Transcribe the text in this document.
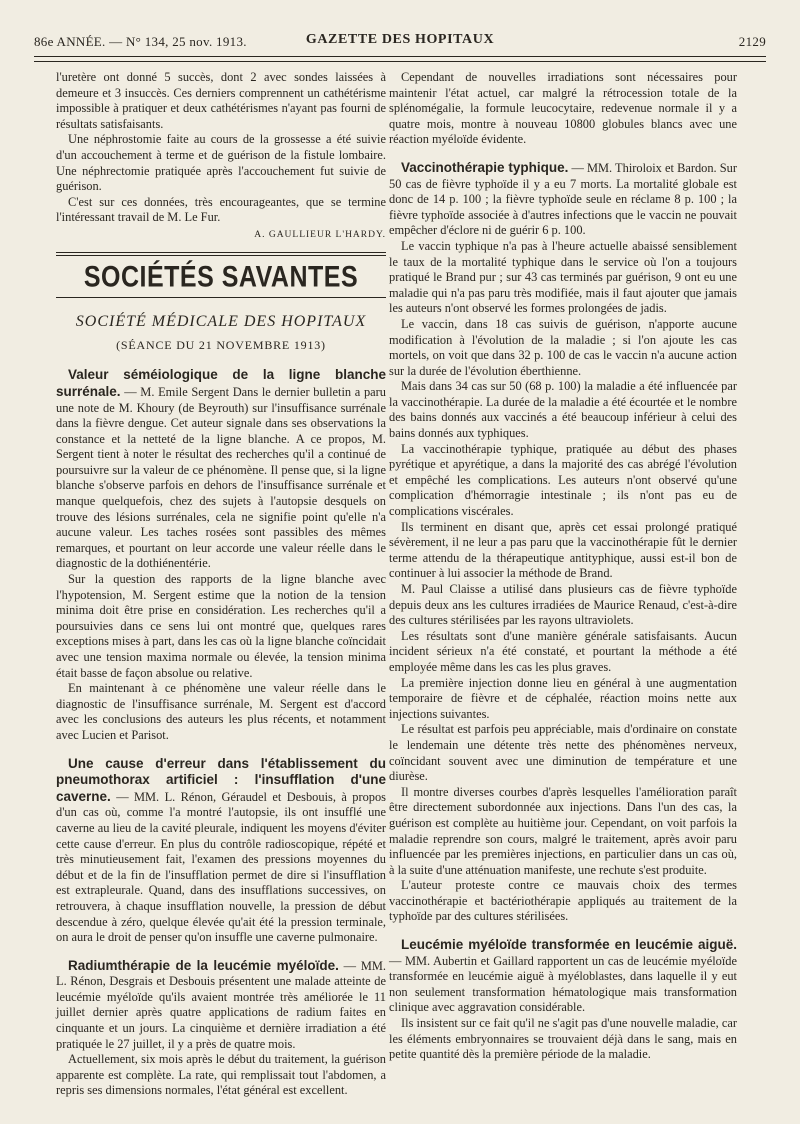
86e ANNÉE. — N° 134, 25 nov. 1913.	GAZETTE DES HOPITAUX	2129

l'uretère ont donné 5 succès, dont 2 avec sondes laissées à demeure et 3 insuccès. Ces derniers comprennent un cathétérisme impossible à pratiquer et deux cathétérismes n'ayant pas fourni de résultats satisfaisants.

Une néphrostomie faite au cours de la grossesse a été suivie d'un accouchement à terme et de guérison de la fistule lombaire. Une néphrectomie pratiquée après l'accouchement fut suivie de guérison.

C'est sur ces données, très encourageantes, que se termine l'intéressant travail de M. Le Fur.

A. GAULLIEUR L'HARDY.

SOCIÉTÉS SAVANTES
SOCIÉTÉ MÉDICALE DES HOPITAUX
(SÉANCE DU 21 NOVEMBRE 1913)

Valeur séméiologique de la ligne blanche surrénale. — M. Emile Sergent Dans le dernier bulletin a paru une note de M. Khoury (de Beyrouth) sur l'insuffisance surrénale dans la fièvre dengue. Cet auteur signale dans ses observations la constance et la netteté de la ligne blanche. A ce propos, M. Sergent tient à noter le résultat des recherches qu'il a continué de poursuivre sur la valeur de ce phénomène. Il pense que, si la ligne blanche s'observe parfois en dehors de l'insuffisance surrénale et manque quelquefois, chez des sujets à l'autopsie desquels on trouve des lésions surrénales, cela ne signifie point qu'elle n'a aucune valeur. Les taches rosées sont passibles des mêmes remarques, et pourtant on leur accorde une valeur réelle dans le diagnostic de la dothiénentérie.

Sur la question des rapports de la ligne blanche avec l'hypotension, M. Sergent estime que la notion de la tension minima doit être prise en considération. Les recherches qu'il a poursuivies dans ce sens lui ont montré que, quelques rares exceptions mises à part, dans les cas où la ligne blanche coïncidait avec une tension maxima normale ou élevée, la tension minima était basse de façon absolue ou relative.

En maintenant à ce phénomène une valeur réelle dans le diagnostic de l'insuffisance surrénale, M. Sergent est d'accord avec les conclusions des auteurs les plus récents, et notamment avec Lucien et Parisot.

Une cause d'erreur dans l'établissement du pneumothorax artificiel : l'insufflation d'une caverne. — MM. L. Rénon, Géraudel et Desbouis, à propos d'un cas où, comme l'a montré l'autopsie, ils ont insufflé une caverne au lieu de la cavité pleurale, indiquent les moyens d'éviter cette cause d'erreur. En plus du contrôle radioscopique, répété et très minutieusement fait, l'examen des pressions moyennes du début et de la fin de l'insufflation permet de dire si l'insufflation est extrapleurale. Quand, dans des insufflations successives, on retrouvera, à chaque insufflation nouvelle, la pression de début descendue à zéro, quelque élevée qu'ait été la pression terminale, on aura le droit de penser qu'on insuffle une caverne pulmonaire.

Radiumthérapie de la leucémie myéloïde. — MM. L. Rénon, Desgrais et Desbouis présentent une malade atteinte de leucémie myéloïde qu'ils avaient montrée très améliorée le 11 juillet dernier après quatre applications de radium faites en cinquante et un jours. La cinquième et dernière irradiation a été pratiquée le 27 juillet, il y a près de quatre mois.

Actuellement, six mois après le début du traitement, la guérison apparente est complète. La rate, qui remplissait tout l'abdomen, a repris ses dimensions normales, l'état général est excellent.

Cependant de nouvelles irradiations sont nécessaires pour maintenir l'état actuel, car malgré la rétrocession totale de la splénomégalie, la formule leucocytaire, redevenue normale il y a quatre mois, montre à nouveau 10800 globules blancs avec une réaction myéloïde évidente.

Vaccinothérapie typhique. — MM. Thiroloix et Bardon. Sur 50 cas de fièvre typhoïde il y a eu 7 morts. La mortalité globale est donc de 14 p. 100 ; la fièvre typhoïde seule en réclame 8 p. 100 ; la fièvre typhoïde associée à d'autres infections que le vaccin ne pouvait empêcher d'éclore ni de guérir 6 p. 100.

Le vaccin typhique n'a pas à l'heure actuelle abaissé sensiblement le taux de la mortalité typhique dans le service où l'on a toujours pratiqué le Brand pur ; sur 43 cas terminés par guérison, 9 ont eu une maladie qui n'a pas paru très modifiée, mais il faut ajouter que jamais les auteurs n'ont observé les formes prolongées de jadis.

Le vaccin, dans 18 cas suivis de guérison, n'apporte aucune modification à l'évolution de la maladie ; si l'on ajoute les cas mortels, on voit que dans 32 p. 100 de cas le vaccin n'a aucune action sur la durée de l'évolution éberthienne.

Mais dans 34 cas sur 50 (68 p. 100) la maladie a été influencée par la vaccinothérapie. La durée de la maladie a été écourtée et le nombre des bains donnés aux vaccinés a été beaucoup inférieur à celui des bains donnés aux typhiques.

La vaccinothérapie typhique, pratiquée au début des phases pyrétique et apyrétique, a dans la majorité des cas abrégé l'évolution et empêché les complications. Les auteurs n'ont observé qu'une complication d'hémorragie intestinale ; ils n'ont pas eu de complications viscérales.

Ils terminent en disant que, après cet essai prolongé pratiqué sévèrement, il ne leur a pas paru que la vaccinothérapie fût le dernier terme attendu de la thérapeutique antityphique, aussi est-il bon de continuer à lui associer la méthode de Brand.

M. Paul Claisse a utilisé dans plusieurs cas de fièvre typhoïde depuis deux ans les cultures irradiées de Maurice Renaud, c'est-à-dire des cultures stérilisées par les rayons ultraviolets.

Les résultats sont d'une manière générale satisfaisants. Aucun incident sérieux n'a été constaté, et pourtant la méthode a été employée même dans les cas les plus graves.

La première injection donne lieu en général à une augmentation temporaire de fièvre et de céphalée, réaction moins nette aux injections suivantes.

Le résultat est parfois peu appréciable, mais d'ordinaire on constate le lendemain une détente très nette des phénomènes nerveux, coïncidant souvent avec une diminution de température et une diurèse.

Il montre diverses courbes d'après lesquelles l'amélioration paraît être directement subordonnée aux injections. Dans l'un des cas, la guérison est complète au huitième jour. Cependant, on voit parfois la maladie reprendre son cours, malgré le traitement, après avoir paru influencée par les premières injections, en particulier dans un cas où, à la suite d'une atténuation manifeste, une rechute s'est produite.

L'auteur proteste contre ce mauvais choix des termes vaccinothérapie et bactériothérapie appliqués au traitement de la typhoïde par des cultures stérilisées.

Leucémie myéloïde transformée en leucémie aiguë. — MM. Aubertin et Gaillard rapportent un cas de leucémie myéloïde transformée en leucémie aiguë à myéloblastes, dans laquelle il y eut non seulement transformation hématologique mais transformation clinique avec aggravation considérable.

Ils insistent sur ce fait qu'il ne s'agit pas d'une nouvelle maladie, car les éléments embryonnaires se trouvaient déjà dans le sang, mais en petite quantité dès la première période de la maladie.
